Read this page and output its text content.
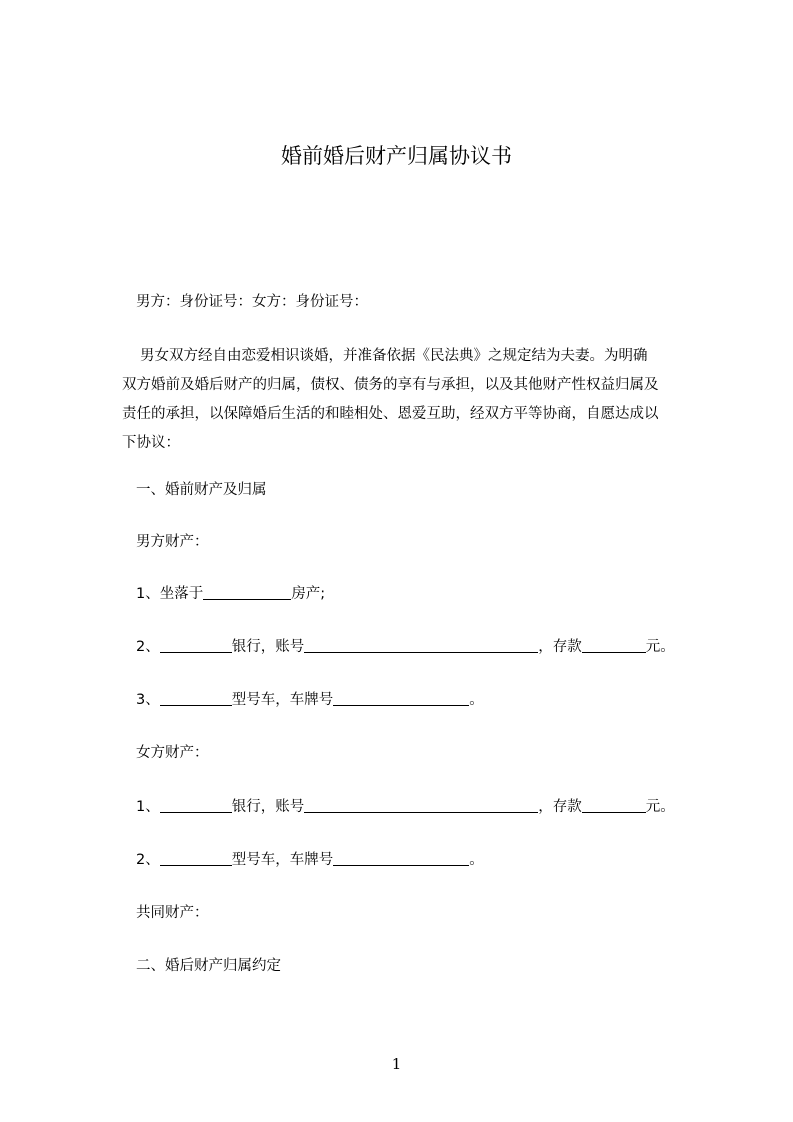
婚前婚后财产归属协议书
男方：身份证号：女方：身份证号：
男女双方经自由恋爱相识谈婚，并准备依据《民法典》之规定结为夫妻。为明确
双方婚前及婚后财产的归属，债权、债务的享有与承担，以及其他财产性权益归属及
责任的承担，以保障婚后生活的和睦相处、恩爱互助，经双方平等协商，自愿达成以
下协议：
一、婚前财产及归属
男方财产：
1、坐落于	房产;
2、	银行，账号	，存款	元。
3、	型号车，车牌号	。
女方财产：
1、	银行，账号	，存款	元。
2、	型号车，车牌号	。
共同财产：
二、婚后财产归属约定
1
